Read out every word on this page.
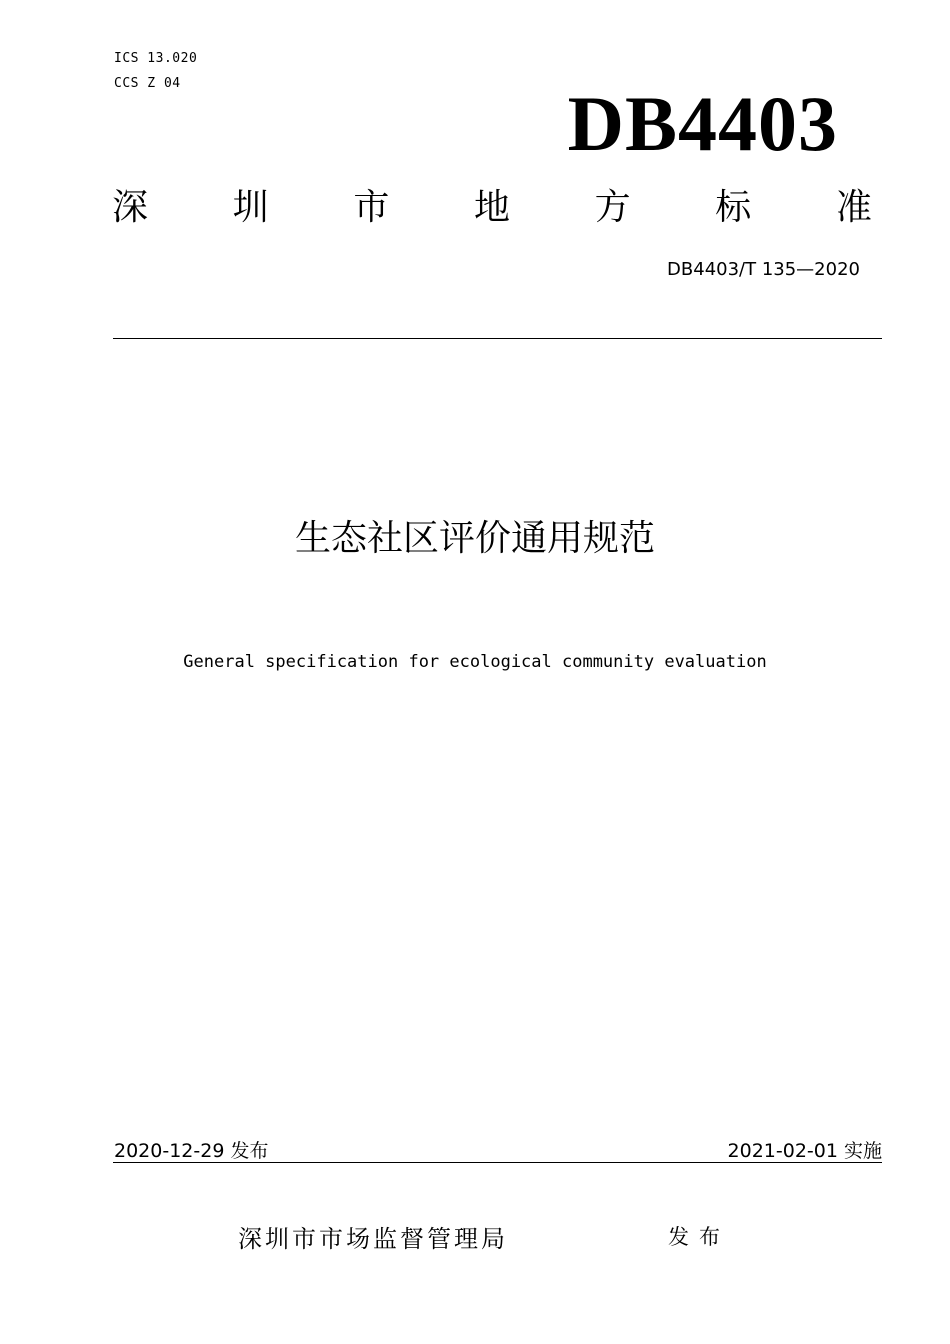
ICS 13.020
CCS Z 04	DB4403
深 圳 市 地 方 标 准
DB4403/T 135—2020
生态社区评价通用规范
General specification for ecological community evaluation
2020-12-29 发布	2021-02-01 实施
深圳市市场监督管理局	发布
